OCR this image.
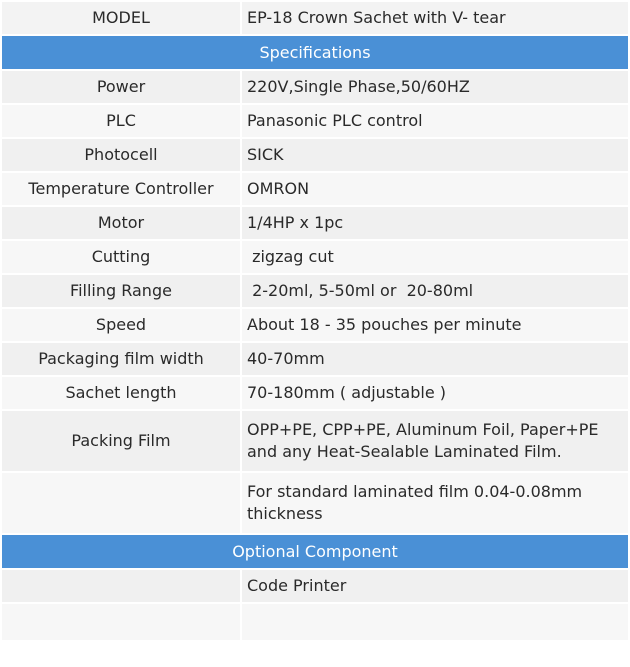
MODEL	EP-18 Crown Sachet with V- tear
Specifications	
Power	220V,Single Phase,50/60HZ
PLC	Panasonic PLC control
Photocell	SICK
Temperature Controller	OMRON
Motor	1/4HP x 1pc
Cutting	zigzag cut
Filling Range	2-20ml, 5-50ml or  20-80ml
Speed	About 18 - 35 pouches per minute
Packaging film width	40-70mm
Sachet length	70-180mm ( adjustable )
Packing Film	OPP+PE, CPP+PE, Aluminum Foil, Paper+PE and any Heat-Sealable Laminated Film.
	For standard laminated film 0.04-0.08mm thickness
Optional Component	
	Code Printer
